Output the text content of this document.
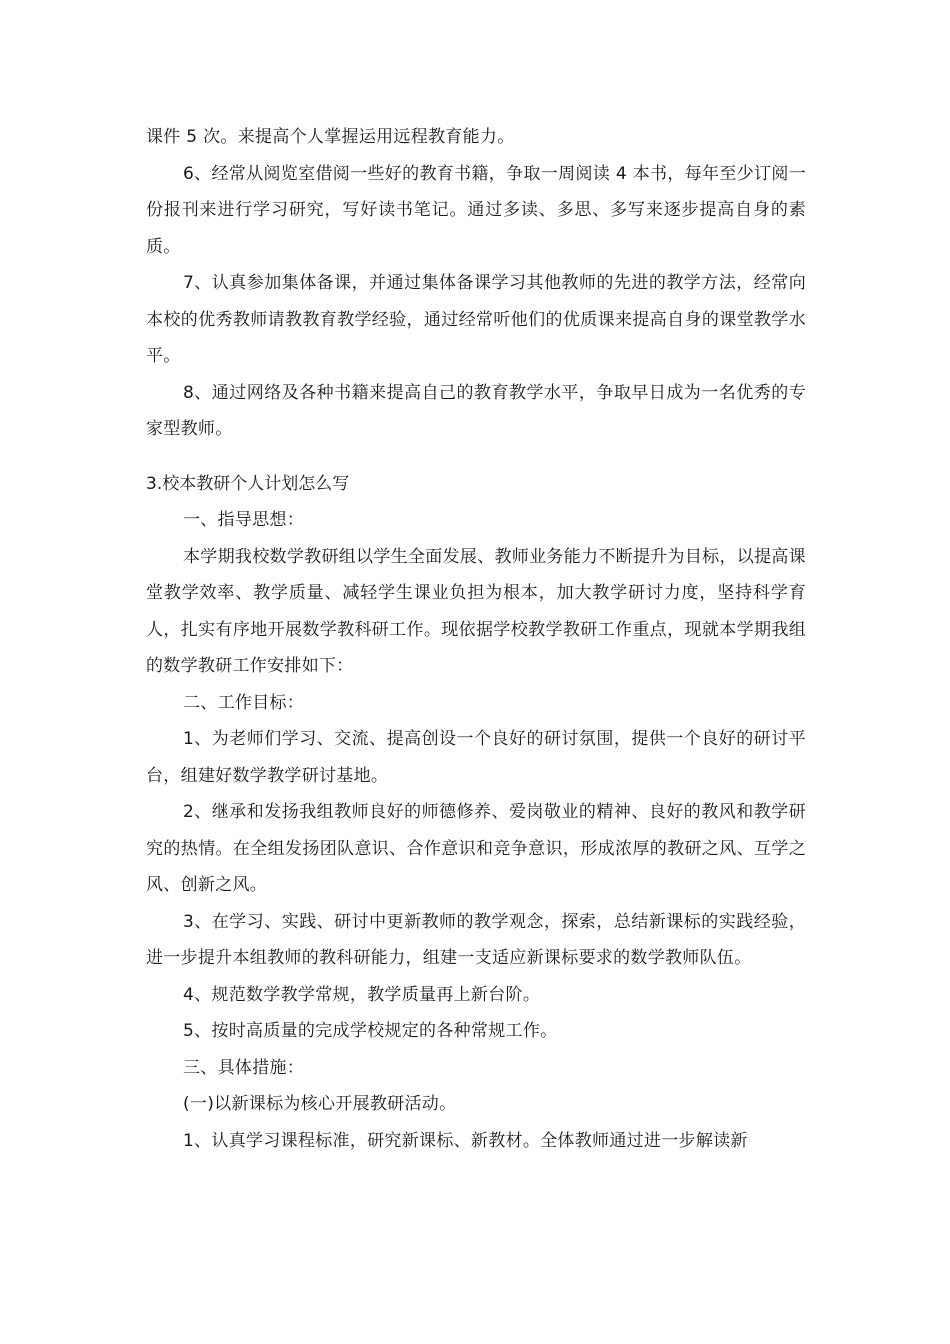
课件 5 次。来提高个人掌握运用远程教育能力。

6、经常从阅览室借阅一些好的教育书籍，争取一周阅读 4 本书，每年至少订阅一份报刊来进行学习研究，写好读书笔记。通过多读、多思、多写来逐步提高自身的素质。

7、认真参加集体备课，并通过集体备课学习其他教师的先进的教学方法，经常向本校的优秀教师请教教育教学经验，通过经常听他们的优质课来提高自身的课堂教学水平。

8、通过网络及各种书籍来提高自己的教育教学水平，争取早日成为一名优秀的专家型教师。

3.校本教研个人计划怎么写

一、指导思想：

本学期我校数学教研组以学生全面发展、教师业务能力不断提升为目标，以提高课堂教学效率、教学质量、减轻学生课业负担为根本，加大教学研讨力度，坚持科学育人，扎实有序地开展数学教科研工作。现依据学校教学教研工作重点，现就本学期我组的数学教研工作安排如下：

二、工作目标：

1、为老师们学习、交流、提高创设一个良好的研讨氛围，提供一个良好的研讨平台，组建好数学教学研讨基地。

2、继承和发扬我组教师良好的师德修养、爱岗敬业的精神、良好的教风和教学研究的热情。在全组发扬团队意识、合作意识和竞争意识，形成浓厚的教研之风、互学之风、创新之风。

3、在学习、实践、研讨中更新教师的教学观念，探索，总结新课标的实践经验，进一步提升本组教师的教科研能力，组建一支适应新课标要求的数学教师队伍。

4、规范数学教学常规，教学质量再上新台阶。

5、按时高质量的完成学校规定的各种常规工作。

三、具体措施：

(一)以新课标为核心开展教研活动。

1、认真学习课程标准，研究新课标、新教材。全体教师通过进一步解读新
